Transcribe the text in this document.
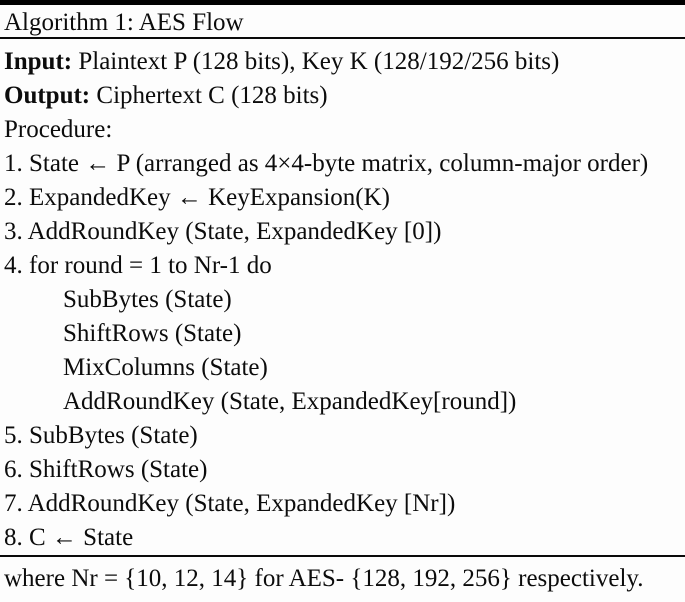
Algorithm 1: AES Flow
Input: Plaintext P (128 bits), Key K (128/192/256 bits)
Output: Ciphertext C (128 bits)
Procedure:
1. State ← P (arranged as 4×4-byte matrix, column-major order)
2. ExpandedKey ← KeyExpansion(K)
3. AddRoundKey (State, ExpandedKey [0])
4. for round = 1 to Nr-1 do
SubBytes (State)
ShiftRows (State)
MixColumns (State)
AddRoundKey (State, ExpandedKey[round])
5. SubBytes (State)
6. ShiftRows (State)
7. AddRoundKey (State, ExpandedKey [Nr])
8. C ← State
where Nr = {10, 12, 14} for AES- {128, 192, 256} respectively.
